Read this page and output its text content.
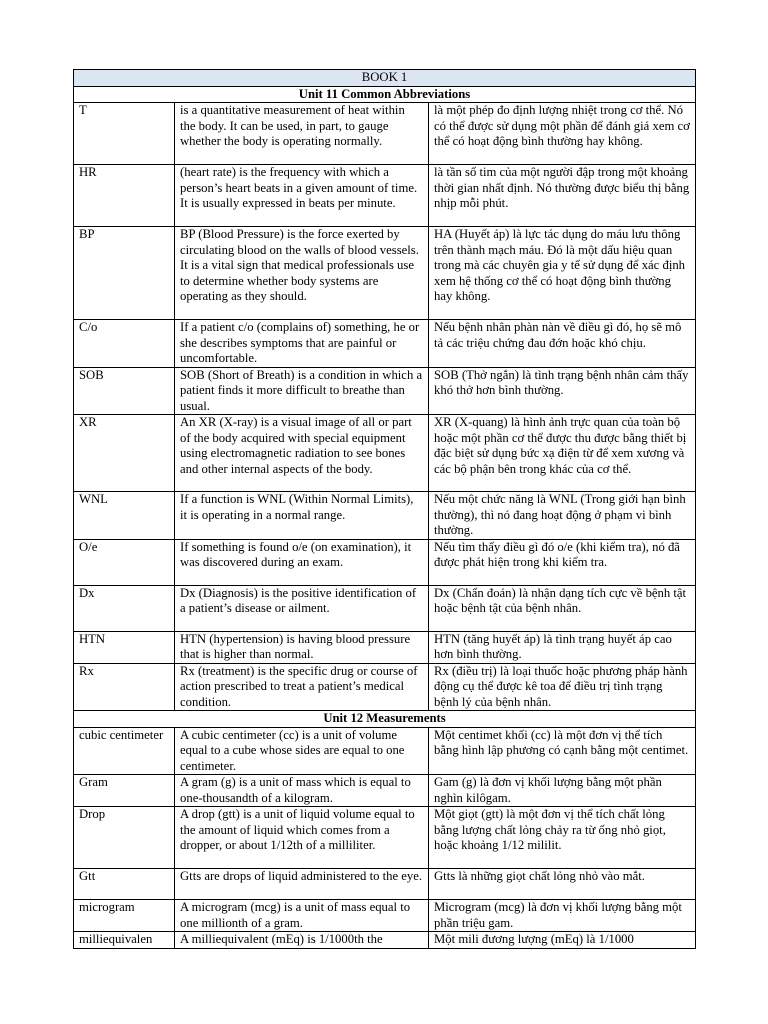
BOOK 1		
Unit 11 Common Abbreviations		
T	is a quantitative measurement of heat within the body. It can be used, in part, to gauge whether the body is operating normally.	là một phép đo định lượng nhiệt trong cơ thể. Nó có thể được sử dụng một phần để đánh giá xem cơ thể có hoạt động bình thường hay không.
HR	(heart rate) is the frequency with which a person’s heart beats in a given amount of time. It is usually expressed in beats per minute.	là tần số tim của một người đập trong một khoảng thời gian nhất định. Nó thường được biểu thị bằng nhịp mỗi phút.
BP	BP (Blood Pressure) is the force exerted by circulating blood on the walls of blood vessels. It is a vital sign that medical professionals use to determine whether body systems are operating as they should.	HA (Huyết áp) là lực tác dụng do máu lưu thông trên thành mạch máu. Đó là một dấu hiệu quan trong mà các chuyên gia y tế sử dụng để xác định xem hệ thống cơ thể có hoạt động bình thường hay không.
C/o	If a patient c/o (complains of) something, he or she describes symptoms that are painful or uncomfortable.	Nếu bệnh nhân phàn nàn về điều gì đó, họ sẽ mô tả các triệu chứng đau đớn hoặc khó chịu.
SOB	SOB (Short of Breath) is a condition in which a patient finds it more difficult to breathe than usual.	SOB (Thở ngắn) là tình trạng bệnh nhân cảm thấy khó thở hơn bình thường.
XR	An XR (X-ray) is a visual image of all or part of the body acquired with special equipment using electromagnetic radiation to see bones and other internal aspects of the body.	XR (X-quang) là hình ảnh trực quan của toàn bộ hoặc một phần cơ thể được thu được bằng thiết bị đặc biệt sử dụng bức xạ điện từ để xem xương và các bộ phận bên trong khác của cơ thể.
WNL	If a function is WNL (Within Normal Limits), it is operating in a normal range.	Nếu một chức năng là WNL (Trong giới hạn bình thường), thì nó đang hoạt động ở phạm vi bình thường.
O/e	If something is found o/e (on examination), it was discovered during an exam.	Nếu tìm thấy điều gì đó o/e (khi kiểm tra), nó đã được phát hiện trong khi kiểm tra.
Dx	Dx (Diagnosis) is the positive identification of a patient’s disease or ailment.	Dx (Chẩn đoán) là nhận dạng tích cực về bệnh tật hoặc bệnh tật của bệnh nhân.
HTN	HTN (hypertension) is having blood pressure that is higher than normal.	HTN (tăng huyết áp) là tình trạng huyết áp cao hơn bình thường.
Rx	Rx (treatment) is the specific drug or course of action prescribed to treat a patient’s medical condition.	Rx (điều trị) là loại thuốc hoặc phương pháp hành động cụ thể được kê toa để điều trị tình trạng bệnh lý của bệnh nhân.
Unit 12 Measurements		
cubic centimeter	A cubic centimeter (cc) is a unit of volume equal to a cube whose sides are equal to one centimeter.	Một centimet khối (cc) là một đơn vị thể tích bằng hình lập phương có cạnh bằng một centimet.
Gram	A gram (g) is a unit of mass which is equal to one-thousandth of a kilogram.	Gam (g) là đơn vị khối lượng bằng một phần nghìn kilôgam.
Drop	A drop (gtt) is a unit of liquid volume equal to the amount of liquid which comes from a dropper, or about 1/12th of a milliliter.	Một giọt (gtt) là một đơn vị thể tích chất lỏng bằng lượng chất lỏng chảy ra từ ống nhỏ giọt, hoặc khoảng 1/12 mililit.
Gtt	Gtts are drops of liquid administered to the eye.	Gtts là những giọt chất lỏng nhỏ vào mắt.
microgram	A microgram (mcg) is a unit of mass equal to one millionth of a gram.	Microgram (mcg) là đơn vị khối lượng bằng một phần triệu gam.
milliequivalen	A milliequivalent (mEq) is 1/1000th the	Một mili đương lượng (mEq) là 1/1000
